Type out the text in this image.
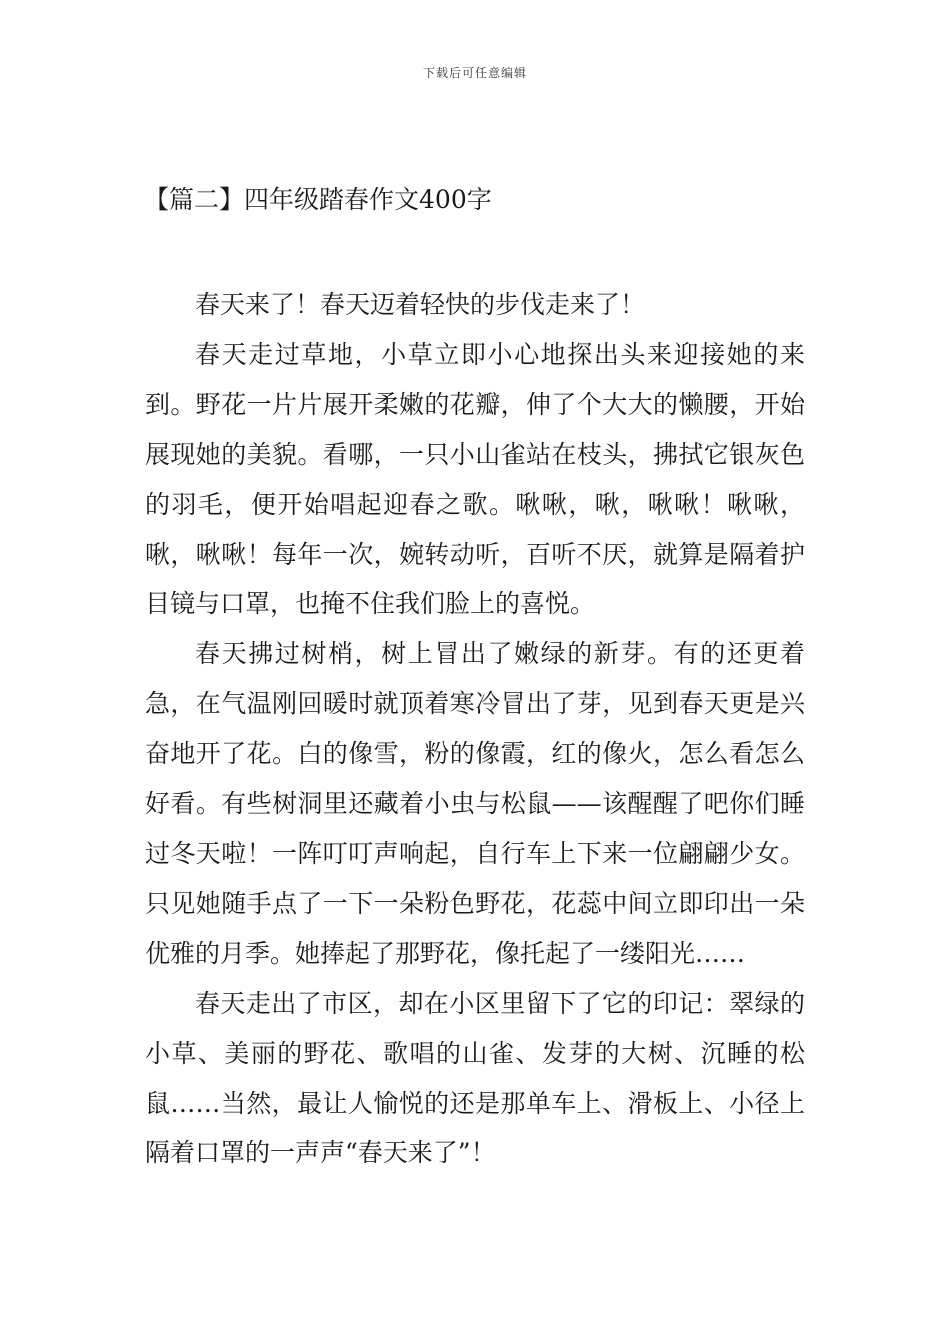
下载后可任意编辑
【篇二】四年级踏春作文400字

春天来了！春天迈着轻快的步伐走来了！

春天走过草地，小草立即小心地探出头来迎接她的来到。野花一片片展开柔嫩的花瓣，伸了个大大的懒腰，开始展现她的美貌。看哪，一只小山雀站在枝头，拂拭它银灰色的羽毛，便开始唱起迎春之歌。啾啾，啾，啾啾！啾啾，啾，啾啾！每年一次，婉转动听，百听不厌，就算是隔着护目镜与口罩，也掩不住我们脸上的喜悦。

春天拂过树梢，树上冒出了嫩绿的新芽。有的还更着急，在气温刚回暖时就顶着寒冷冒出了芽，见到春天更是兴奋地开了花。白的像雪，粉的像霞，红的像火，怎么看怎么好看。有些树洞里还藏着小虫与松鼠——该醒醒了吧你们睡过冬天啦！一阵叮叮声响起，自行车上下来一位翩翩少女。只见她随手点了一下一朵粉色野花，花蕊中间立即印出一朵优雅的月季。她捧起了那野花，像托起了一缕阳光……

春天走出了市区，却在小区里留下了它的印记：翠绿的小草、美丽的野花、歌唱的山雀、发芽的大树、沉睡的松鼠……当然，最让人愉悦的还是那单车上、滑板上、小径上隔着口罩的一声声“春天来了”！
